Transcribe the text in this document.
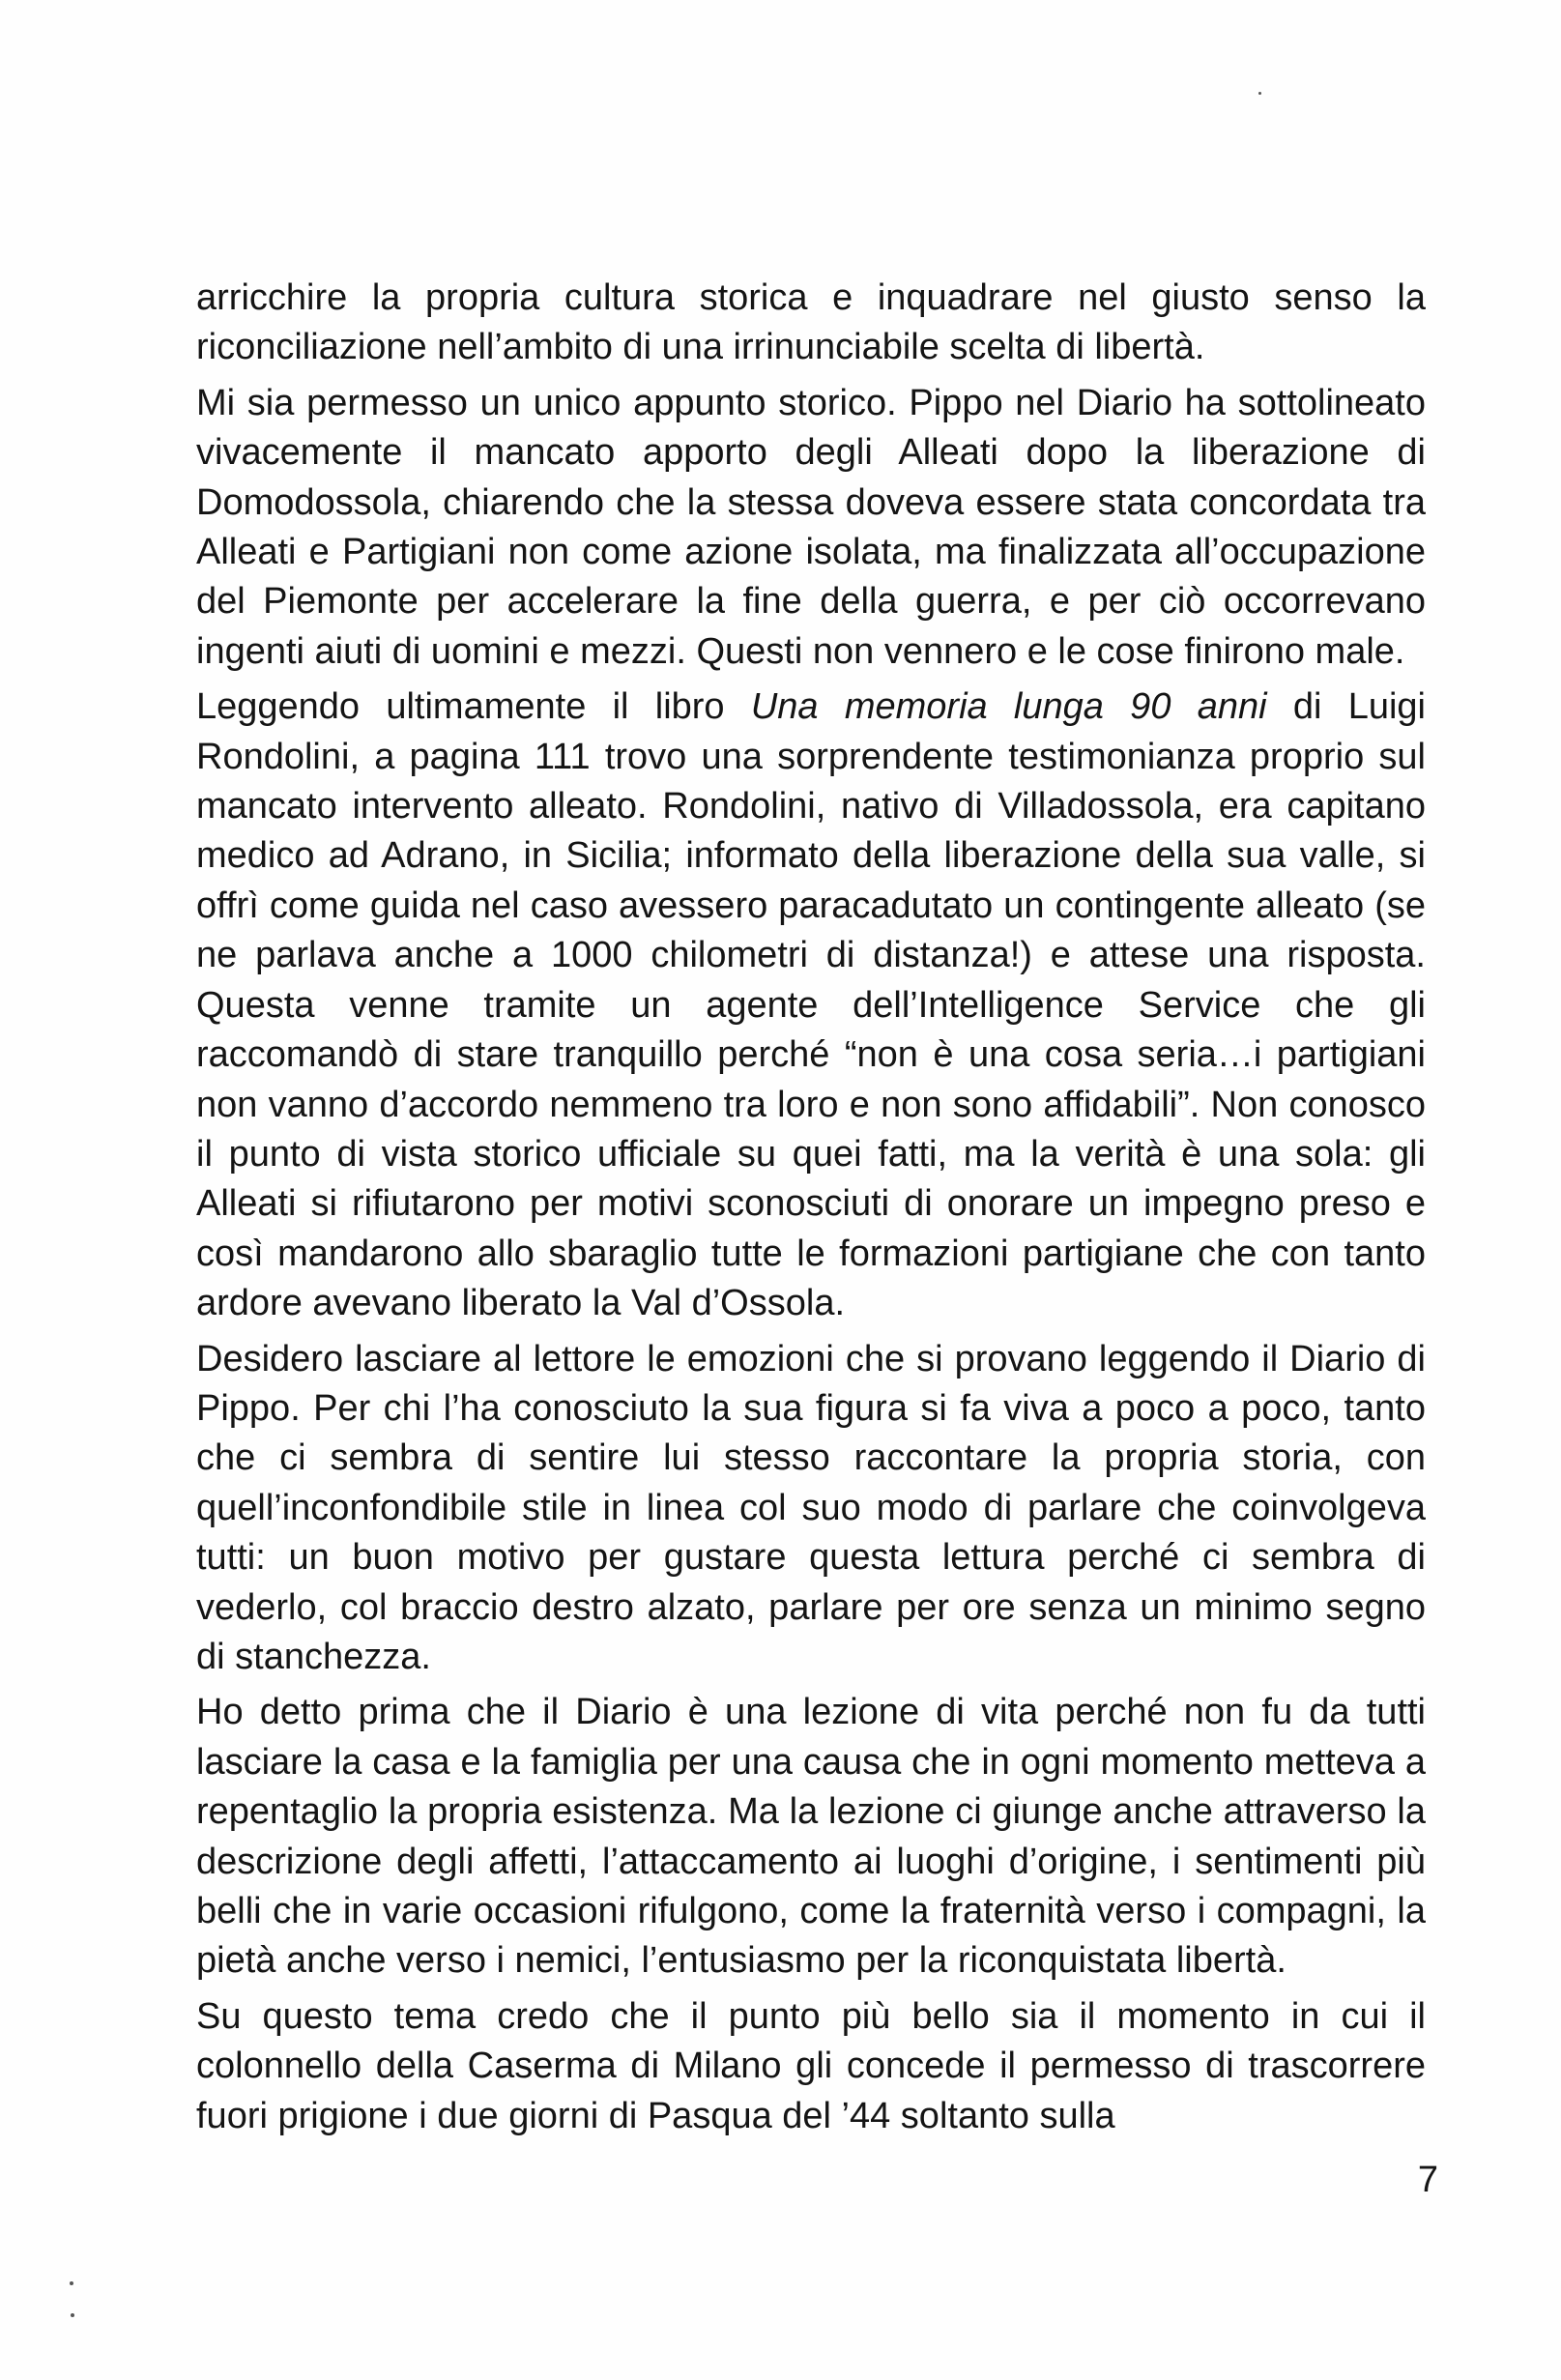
arricchire la propria cultura storica e inquadrare nel giusto senso la riconciliazione nell’ambito di una irrinunciabile scelta di libertà.

Mi sia permesso un unico appunto storico. Pippo nel Diario ha sottolineato vivacemente il mancato apporto degli Alleati dopo la liberazione di Domodossola, chiarendo che la stessa doveva essere stata concordata tra Alleati e Partigiani non come azione isolata, ma finalizzata all’occupazione del Piemonte per accelerare la fine della guerra, e per ciò occorrevano ingenti aiuti di uomini e mezzi. Questi non vennero e le cose finirono male.

Leggendo ultimamente il libro Una memoria lunga 90 anni di Luigi Rondolini, a pagina 111 trovo una sorprendente testimonianza proprio sul mancato intervento alleato. Rondolini, nativo di Villadossola, era capitano medico ad Adrano, in Sicilia; informato della liberazione della sua valle, si offrì come guida nel caso avessero paracadutato un contingente alleato (se ne parlava anche a 1000 chilometri di distanza!) e attese una risposta. Questa venne tramite un agente dell’Intelligence Service che gli raccomandò di stare tranquillo perché “non è una cosa seria…i partigiani non vanno d’accordo nemmeno tra loro e non sono affidabili”. Non conosco il punto di vista storico ufficiale su quei fatti, ma la verità è una sola: gli Alleati si rifiutarono per motivi sconosciuti di onorare un impegno preso e così mandarono allo sbaraglio tutte le formazioni partigiane che con tanto ardore avevano liberato la Val d’Ossola.

Desidero lasciare al lettore le emozioni che si provano leggendo il Diario di Pippo. Per chi l’ha conosciuto la sua figura si fa viva a poco a poco, tanto che ci sembra di sentire lui stesso raccontare la propria storia, con quell’inconfondibile stile in linea col suo modo di parlare che coinvolgeva tutti: un buon motivo per gustare questa lettura perché ci sembra di vederlo, col braccio destro alzato, parlare per ore senza un minimo segno di stanchezza.

Ho detto prima che il Diario è una lezione di vita perché non fu da tutti lasciare la casa e la famiglia per una causa che in ogni momento metteva a repentaglio la propria esistenza. Ma la lezione ci giunge anche attraverso la descrizione degli affetti, l’attaccamento ai luoghi d’origine, i sentimenti più belli che in varie occasioni rifulgono, come la fraternità verso i compagni, la pietà anche verso i nemici, l’entusiasmo per la riconquistata libertà.

Su questo tema credo che il punto più bello sia il momento in cui il colonnello della Caserma di Milano gli concede il permesso di trascorrere fuori prigione i due giorni di Pasqua del ’44 soltanto sulla

7
